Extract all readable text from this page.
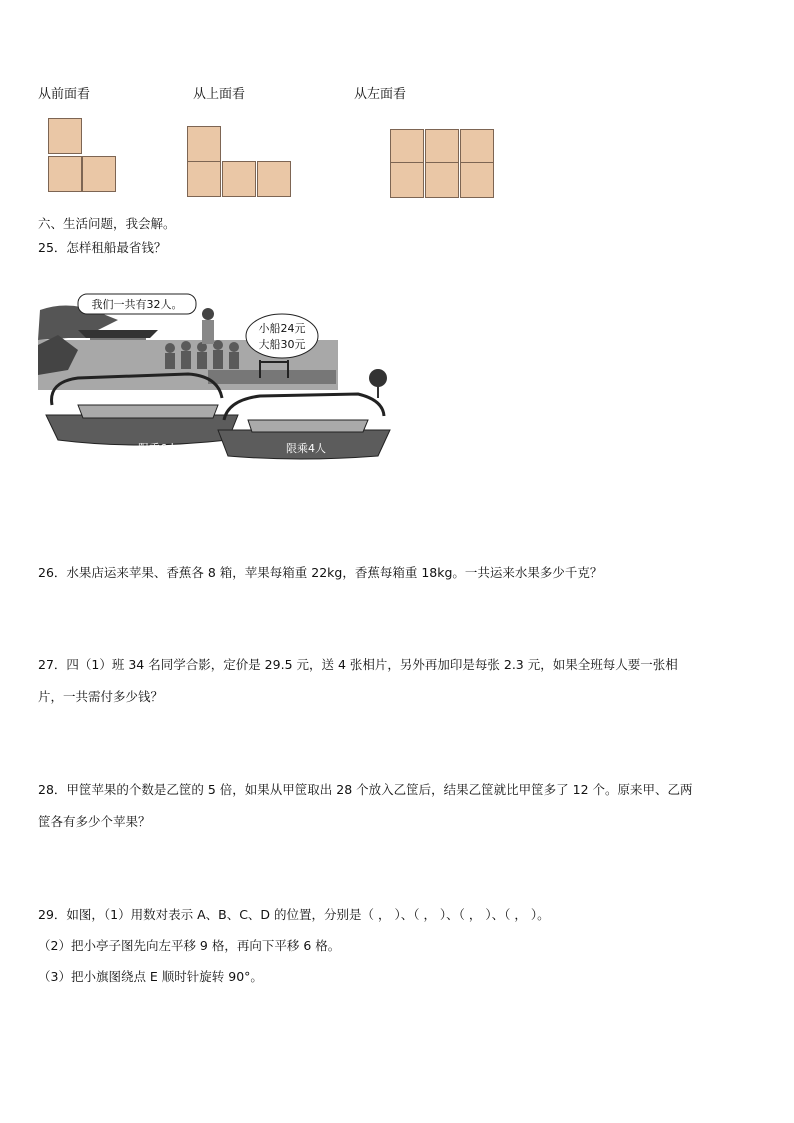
从前面看	从上面看	从左面看
六、生活问题，我会解。
25．怎样租船最省钱？
我们一共有32人。
小船24元
大船30元
限乘6人	限乘4人
26．水果店运来苹果、香蕉各 8 箱，苹果每箱重 22kg，香蕉每箱重 18kg。一共运来水果多少千克？
27．四（1）班 34 名同学合影，定价是 29.5 元，送 4 张相片，另外再加印是每张 2.3 元，如果全班每人要一张相
片，一共需付多少钱？
28．甲筐苹果的个数是乙筐的 5 倍，如果从甲筐取出 28 个放入乙筐后，结果乙筐就比甲筐多了 12 个。原来甲、乙两
筐各有多少个苹果？
29．如图，（1）用数对表示 A、B、C、D 的位置，分别是（ ， ）、（ ， ）、（ ， ）、（ ， ）。
（2）把小亭子图先向左平移 9 格，再向下平移 6 格。
（3）把小旗图绕点 E 顺时针旋转 90°。
